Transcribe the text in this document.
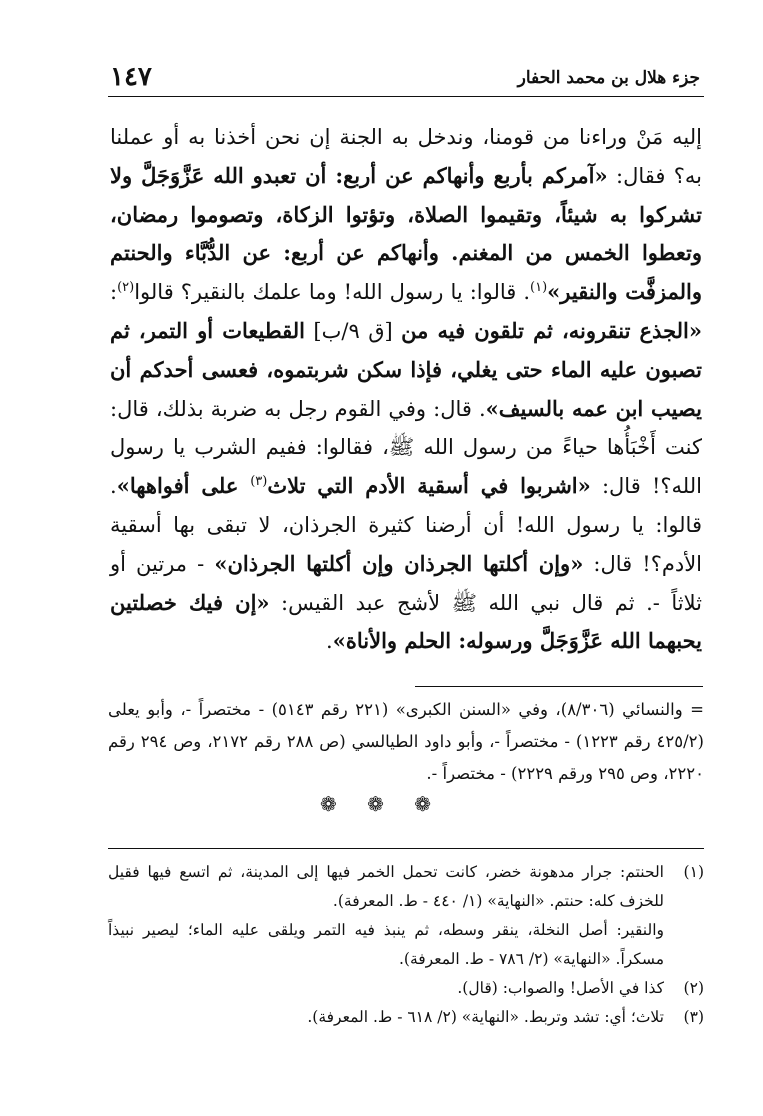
جزء هلال بن محمد الحفار
١٤٧
إليه مَنْ وراءنا من قومنا، وندخل به الجنة إن نحن أخذنا به أو عملنا به؟ فقال: «آمركم بأربع وأنهاكم عن أربع: أن تعبدو الله عَزَّوَجَلَّ ولا تشركوا به شيئاً، وتقيموا الصلاة، وتؤتوا الزكاة، وتصوموا رمضان، وتعطوا الخمس من المغنم. وأنهاكم عن أربع: عن الدُّبَّاء والحنتم والمزفَّت والنقير»$^{(١)}$. قالوا: يا رسول الله! وما علمك بالنقير؟ قالوا$^{(٢)}$: «الجذع تنقرونه، ثم تلقون فيه من [ق ٩/ب] القطيعات أو التمر، ثم تصبون عليه الماء حتى يغلي، فإذا سكن شربتموه، فعسى أحدكم أن يصيب ابن عمه بالسيف». قال: وفي القوم رجل به ضربة بذلك، قال: كنت أَخْبَأُها حياءً من رسول الله ﷺ، فقالوا: ففيم الشرب يا رسول الله؟! قال: «اشربوا في أسقية الأدم التي تلاث$^{(٣)}$ على أفواهها». قالوا: يا رسول الله! أن أرضنا كثيرة الجرذان، لا تبقى بها أسقية الأدم؟! قال: «وإن أكلتها الجرذان وإن أكلتها الجرذان» - مرتين أو ثلاثاً -. ثم قال نبي الله ﷺ لأشج عبد القيس: «إن فيك خصلتين يحبهما الله عَزَّوَجَلَّ ورسوله: الحلم والأناة».
= والنسائي (٨/٣٠٦)، وفي «السنن الكبرى» (٢٢١ رقم ٥١٤٣) - مختصراً -، وأبو يعلى (٤٢٥/٢ رقم ١٢٢٣) - مختصراً -، وأبو داود الطيالسي (ص ٢٨٨ رقم ٢١٧٢، وص ٢٩٤ رقم ٢٢٢٠، وص ٢٩٥ ورقم ٢٢٢٩) - مختصراً -.
❁ ❁ ❁
(١)
الحنتم: جرار مدهونة خضر، كانت تحمل الخمر فيها إلى المدينة، ثم اتسع فيها فقيل للخزف كله: حنتم. «النهاية» (١/ ٤٤٠ - ط. المعرفة).
والنقير: أصل النخلة، ينقر وسطه، ثم ينبذ فيه التمر ويلقى عليه الماء؛ ليصير نبيذاً مسكراً. «النهاية» (٢/ ٧٨٦ - ط. المعرفة).
(٢)
كذا في الأصل! والصواب: (قال).
(٣)
تلاث؛ أي: تشد وتربط. «النهاية» (٢/ ٦١٨ - ط. المعرفة).
